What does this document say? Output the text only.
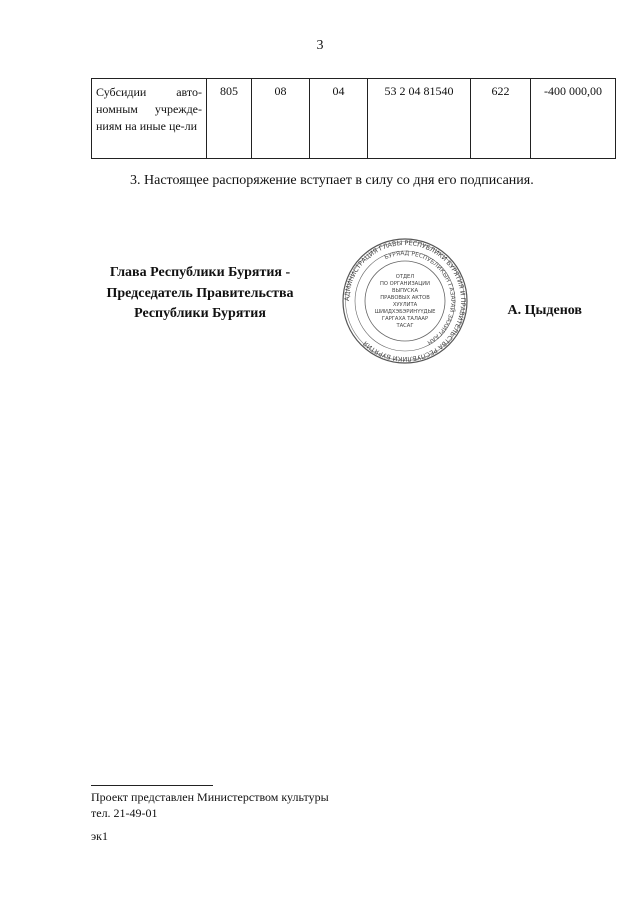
3
Субсидии авто-номным учрежде-ниям на иные це-ли	805	08	04	53 2 04 81540	622	-400 000,00
3. Настоящее распоряжение вступает в силу со дня его подписания.
Глава Республики Бурятия -
Председатель Правительства
Республики Бурятия
АДМИНИСТРАЦИЯ ГЛАВЫ РЕСПУБЛИКИ БУРЯТИЯ И ПРАВИТЕЛЬСТВА РЕСПУБЛИКИ БУРЯТИЯ
БУРЯАД РЕСПУБЛИКЫН ГАЗАРАЙ ЗАХИРГААН
ОТДЕЛ
ПО ОРГАНИЗАЦИИ
ВЫПУСКА
ПРАВОВЫХ АКТОВ
ХУУЛИТА
ШИИДХЭБЭРИНҮҮДЫЕ
ГАРГАХА ТАЛААР
ТАСАГ
А. Цыденов
Проект представлен Министерством культуры
тел. 21-49-01
эк1
